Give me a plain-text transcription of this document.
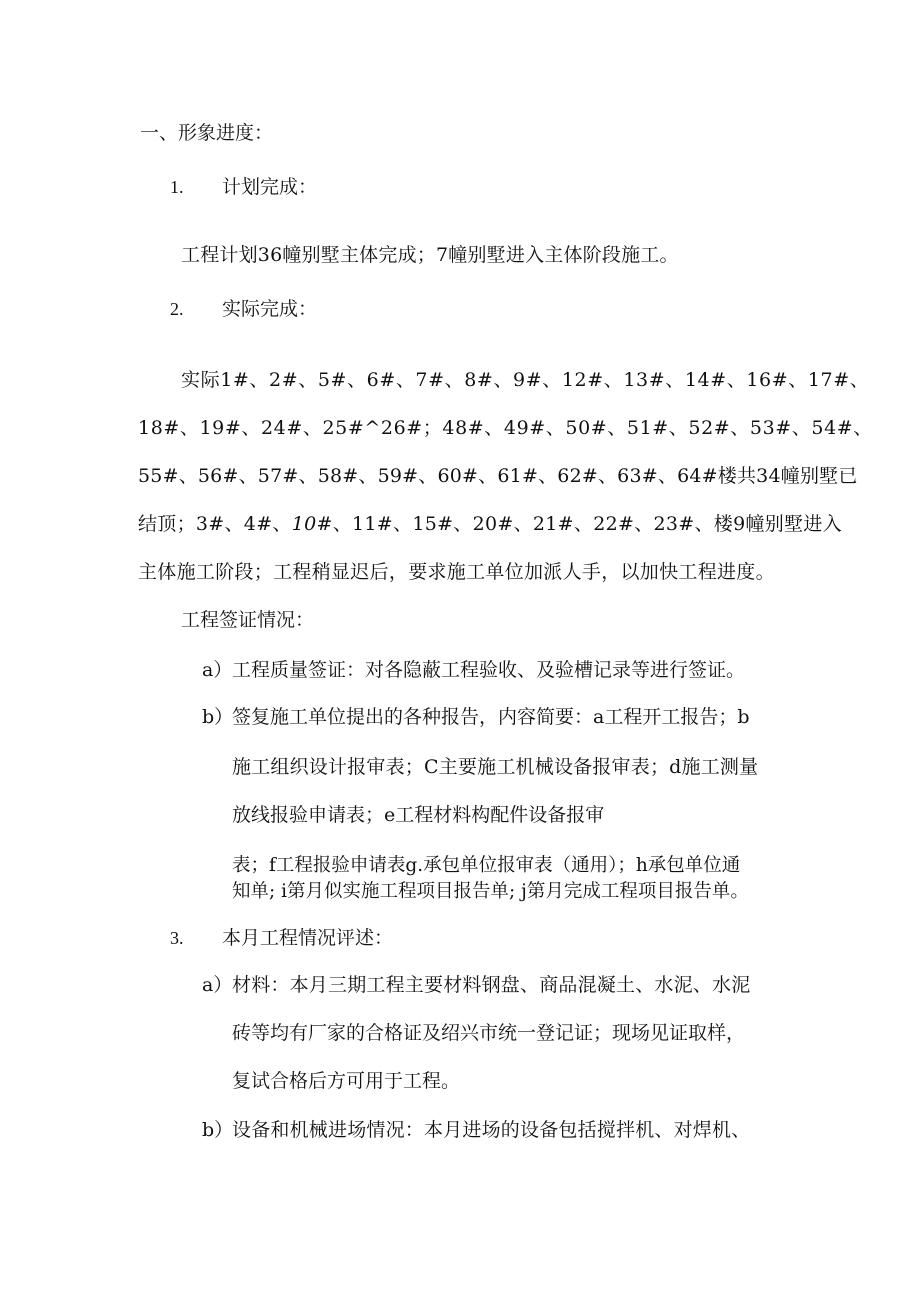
一、形象进度：
1. 计划完成：
工程计划36幢别墅主体完成；7幢别墅进入主体阶段施工。
2. 实际完成：
实际1#、2#、5#、6#、7#、8#、9#、12#、13#、14#、16#、17#、
18#、19#、24#、25#^26#；48#、49#、50#、51#、52#、53#、54#、
55#、56#、57#、58#、59#、60#、61#、62#、63#、64#楼共34幢别墅已
结顶；3#、4#、10#、11#、15#、20#、21#、22#、23#、楼9幢别墅进入
主体施工阶段；工程稍显迟后，要求施工单位加派人手，以加快工程进度。
工程签证情况：
a） 工程质量签证：对各隐蔽工程验收、及验槽记录等进行签证。
b）
签复施工单位提出的各种报告，内容简要：a工程开工报告；b
施工组织设计报审表；C主要施工机械设备报审表；d施工测量
放线报验申请表；e工程材料构配件设备报审
表；f工程报验申请表g.承包单位报审表（通用）；h承包单位通
知单; i第月似实施工程项目报告单; j第月完成工程项目报告单。
3. 本月工程情况评述：
a） 材料：本月三期工程主要材料钢盘、商品混凝土、水泥、水泥
砖等均有厂家的合格证及绍兴市统一登记证；现场见证取样，
复试合格后方可用于工程。
b）
设备和机械进场情况：本月进场的设备包括搅拌机、对焊机、
